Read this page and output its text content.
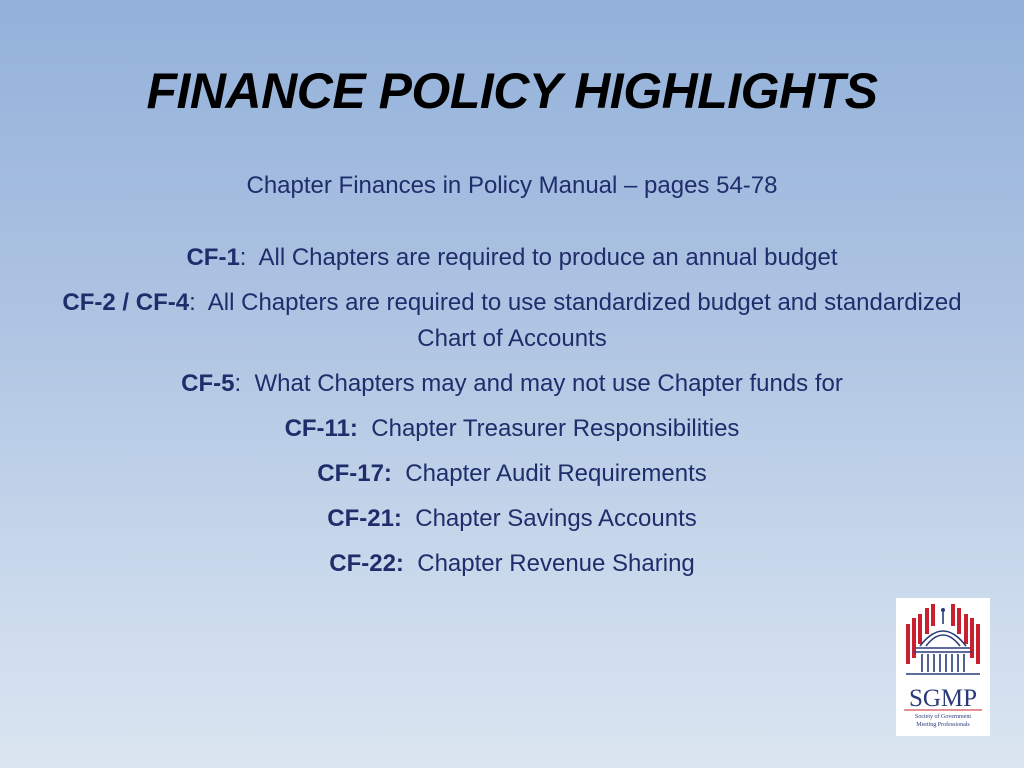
FINANCE POLICY HIGHLIGHTS
Chapter Finances in Policy Manual – pages 54-78
CF-1:  All Chapters are required to produce an annual budget
CF-2 / CF-4:  All Chapters are required to use standardized budget and standardized Chart of Accounts
CF-5:  What Chapters may and may not use Chapter funds for
CF-11: Chapter Treasurer Responsibilities
CF-17: Chapter Audit Requirements
CF-21: Chapter Savings Accounts
CF-22: Chapter Revenue Sharing
SGMP
Society of Government
Meeting Professionals
